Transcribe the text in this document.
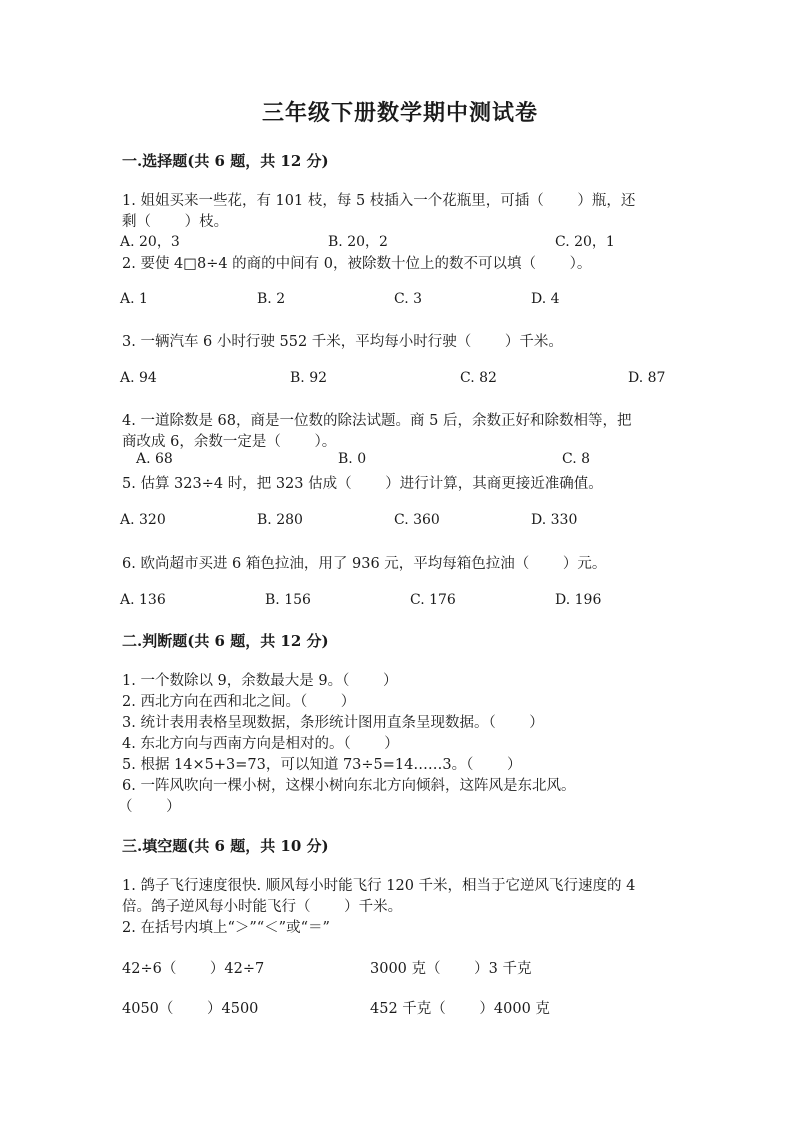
三年级下册数学期中测试卷
一.选择题(共 6 题，共 12 分)
1. 姐姐买来一些花，有 101 枝，每 5 枝插入一个花瓶里，可插（　　 ）瓶，还
剩（　　 ）枝。
A. 20，3	B. 20，2	C. 20，1
2. 要使 4□8÷4 的商的中间有 0，被除数十位上的数不可以填（　　 ）。
A. 1	B. 2	C. 3	D. 4
3. 一辆汽车 6 小时行驶 552 千米，平均每小时行驶（　　 ）千米。
A. 94	B. 92	C. 82	D. 87
4. 一道除数是 68，商是一位数的除法试题。商 5 后，余数正好和除数相等，把
商改成 6，余数一定是（　　 ）。
A. 68	B. 0	C. 8
5. 估算 323÷4 时，把 323 估成（　　 ）进行计算，其商更接近准确值。
A. 320	B. 280	C. 360	D. 330
6. 欧尚超市买进 6 箱色拉油，用了 936 元，平均每箱色拉油（　　 ）元。
A. 136	B. 156	C. 176	D. 196
二.判断题(共 6 题，共 12 分)
1. 一个数除以 9，余数最大是 9。（　　 ）
2. 西北方向在西和北之间。（　　 ）
3. 统计表用表格呈现数据，条形统计图用直条呈现数据。（　　 ）
4. 东北方向与西南方向是相对的。（　　 ）
5. 根据 14×5+3=73，可以知道 73÷5=14……3。（　　 ）
6. 一阵风吹向一棵小树，这棵小树向东北方向倾斜，这阵风是东北风。
（　　 ）
三.填空题(共 6 题，共 10 分)
1. 鸽子飞行速度很快. 顺风每小时能飞行 120 千米，相当于它逆风飞行速度的 4
倍。鸽子逆风每小时能飞行（　　 ）千米。
2. 在括号内填上“＞”“＜”或“＝”
42÷6（　　 ）42÷7	3000 克（　　 ）3 千克
4050（　　 ）4500	452 千克（　　 ）4000 克
